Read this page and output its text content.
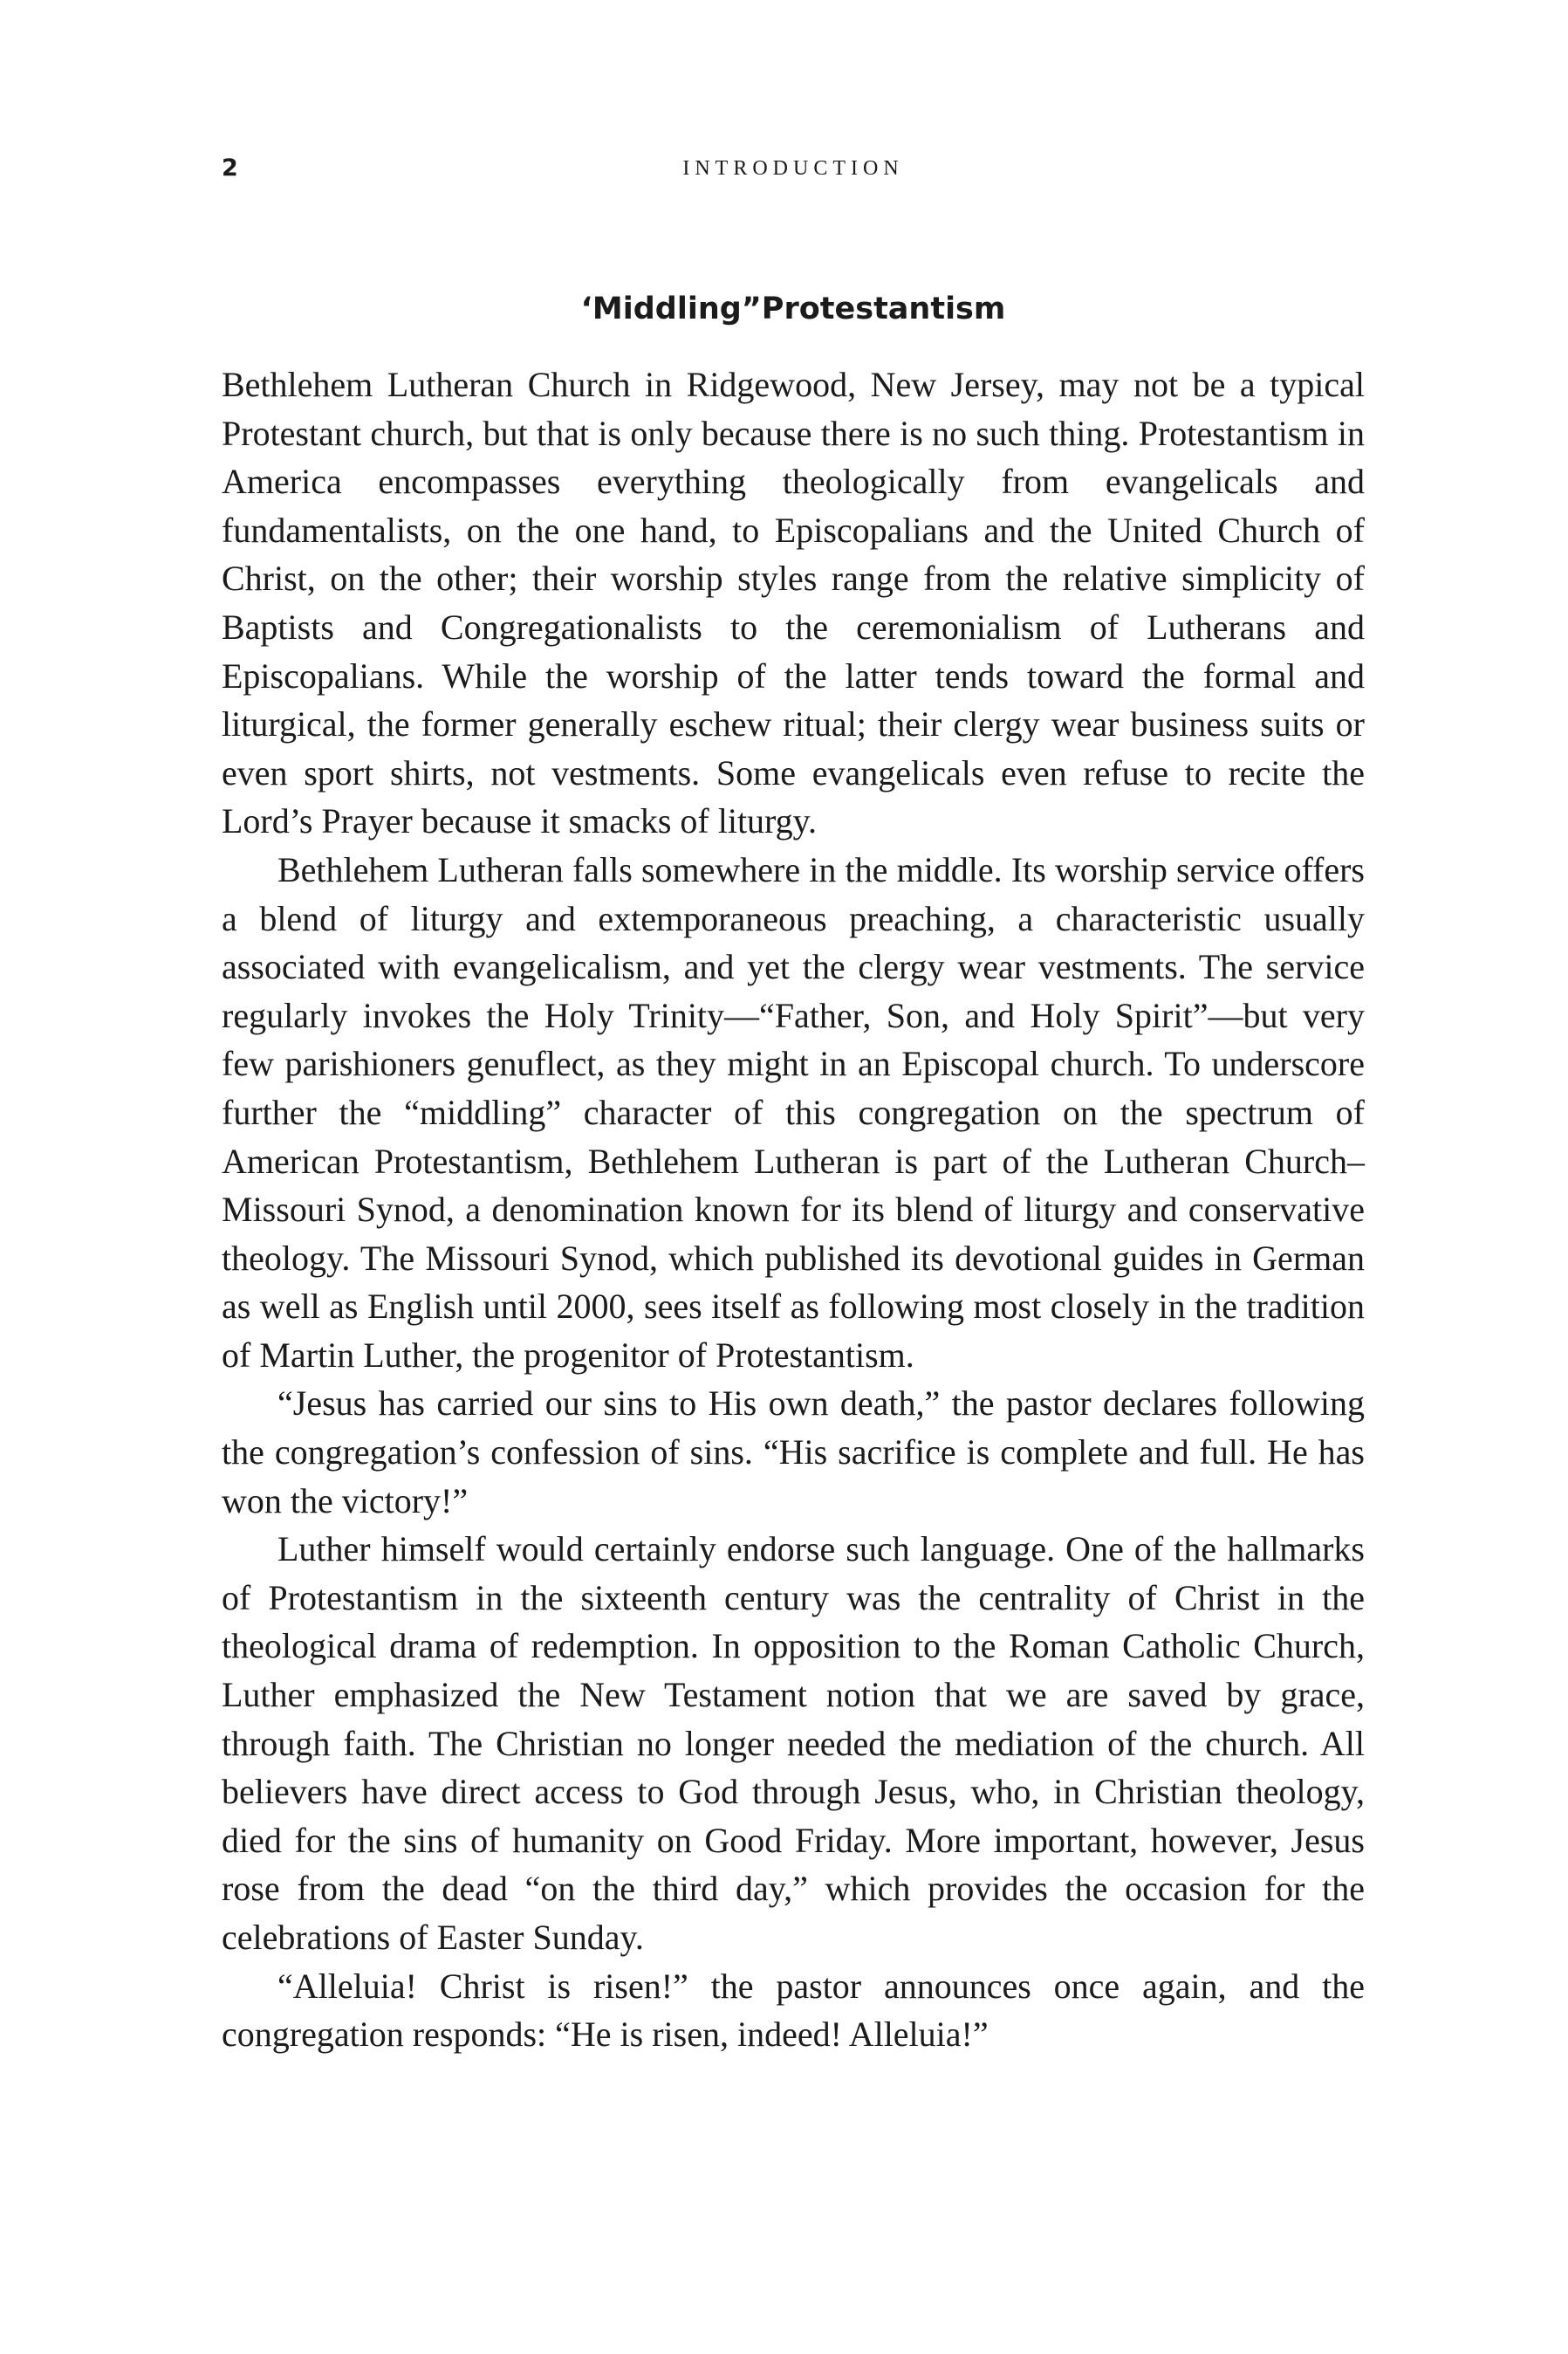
2	INTRODUCTION
‘Middling”Protestantism

Bethlehem Lutheran Church in Ridgewood, New Jersey, may not be a typical Protestant church, but that is only because there is no such thing. Protestantism in America encompasses everything theologically from evangelicals and fundamentalists, on the one hand, to Episcopalians and the United Church of Christ, on the other; their worship styles range from the relative simplicity of Baptists and Congregationalists to the ceremonialism of Lutherans and Episcopalians. While the worship of the latter tends toward the formal and liturgical, the former generally eschew ritual; their clergy wear business suits or even sport shirts, not vestments. Some evangelicals even refuse to recite the Lord’s Prayer because it smacks of liturgy.

Bethlehem Lutheran falls somewhere in the middle. Its worship service offers a blend of liturgy and extemporaneous preaching, a characteristic usually associated with evangelicalism, and yet the clergy wear vestments. The service regularly invokes the Holy Trinity—“Father, Son, and Holy Spirit”—but very few parishioners genuflect, as they might in an Episcopal church. To underscore further the “middling” character of this congregation on the spectrum of American Protestantism, Bethlehem Lutheran is part of the Lutheran Church–Missouri Synod, a denomination known for its blend of liturgy and conservative theology. The Missouri Synod, which published its devotional guides in German as well as English until 2000, sees itself as following most closely in the tradition of Martin Luther, the progenitor of Protestantism.

“Jesus has carried our sins to His own death,” the pastor declares following the congregation’s confession of sins. “His sacrifice is complete and full. He has won the victory!”

Luther himself would certainly endorse such language. One of the hallmarks of Protestantism in the sixteenth century was the centrality of Christ in the theological drama of redemption. In opposition to the Roman Catholic Church, Luther emphasized the New Testament notion that we are saved by grace, through faith. The Christian no longer needed the mediation of the church. All believers have direct access to God through Jesus, who, in Christian theology, died for the sins of humanity on Good Friday. More important, however, Jesus rose from the dead “on the third day,” which provides the occasion for the celebrations of Easter Sunday.

“Alleluia! Christ is risen!” the pastor announces once again, and the congregation responds: “He is risen, indeed! Alleluia!”
